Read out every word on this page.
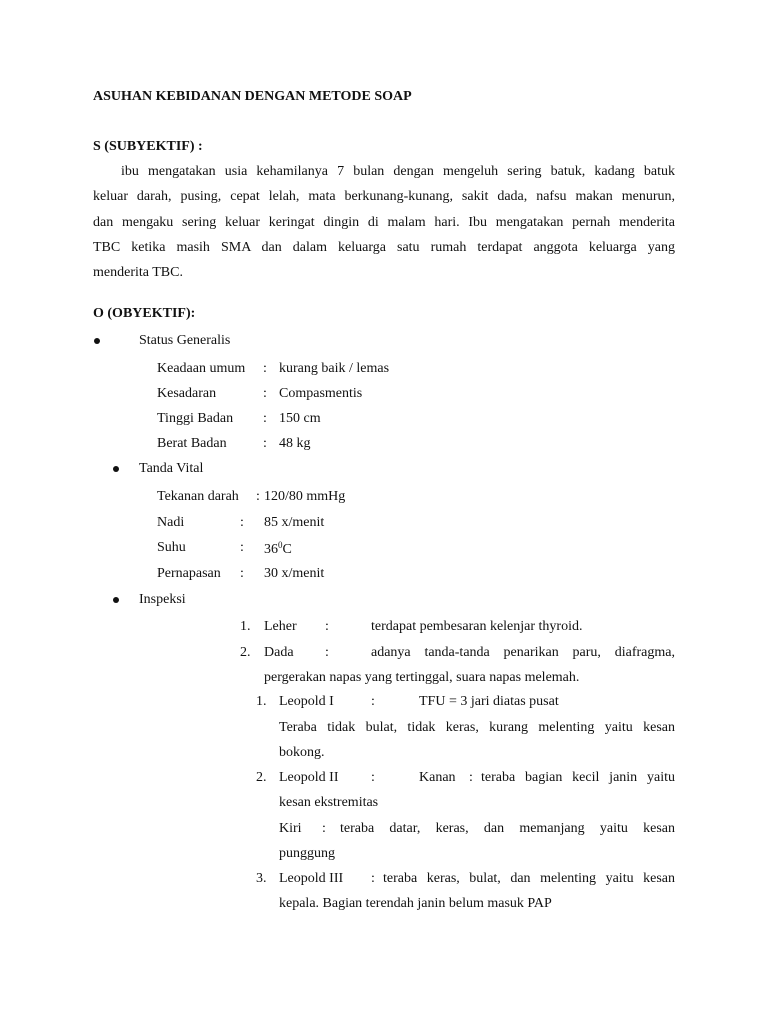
ASUHAN KEBIDANAN DENGAN METODE SOAP
S (SUBYEKTIF) :
ibu mengatakan usia kehamilanya 7 bulan dengan mengeluh sering batuk, kadang batuk
keluar darah, pusing, cepat lelah, mata berkunang-kunang, sakit dada, nafsu makan menurun,
dan mengaku sering keluar keringat dingin di malam hari. Ibu mengatakan pernah menderita
TBC ketika masih SMA dan dalam keluarga satu rumah terdapat anggota keluarga yang
menderita TBC.
O (OBYEKTIF):
Status Generalis
Keadaan umum : kurang baik / lemas
Kesadaran	: Compasmentis
Tinggi Badan : 150 cm
Berat Badan	: 48 kg
Tanda Vital
Tekanan darah : 120/80 mmHg
Nadi	: 85 x/menit
Suhu	: $36^0C$
Pernapasan : 30 x/menit
Inspeksi
1. Leher :	terdapat pembesaran kelenjar thyroid.
2. Dada :	adanya tanda-tanda penarikan paru, diafragma,
pergerakan napas yang tertinggal, suara napas melemah.
1. Leopold I	:	TFU = 3 jari diatas pusat
Teraba tidak bulat, tidak keras, kurang melenting yaitu kesan
bokong.
2. Leopold II :	Kanan : teraba bagian kecil janin yaitu
kesan ekstremitas
Kiri : teraba datar, keras, dan memanjang yaitu kesan
punggung
3. Leopold III : teraba keras, bulat, dan melenting yaitu kesan
kepala. Bagian terendah janin belum masuk PAP
